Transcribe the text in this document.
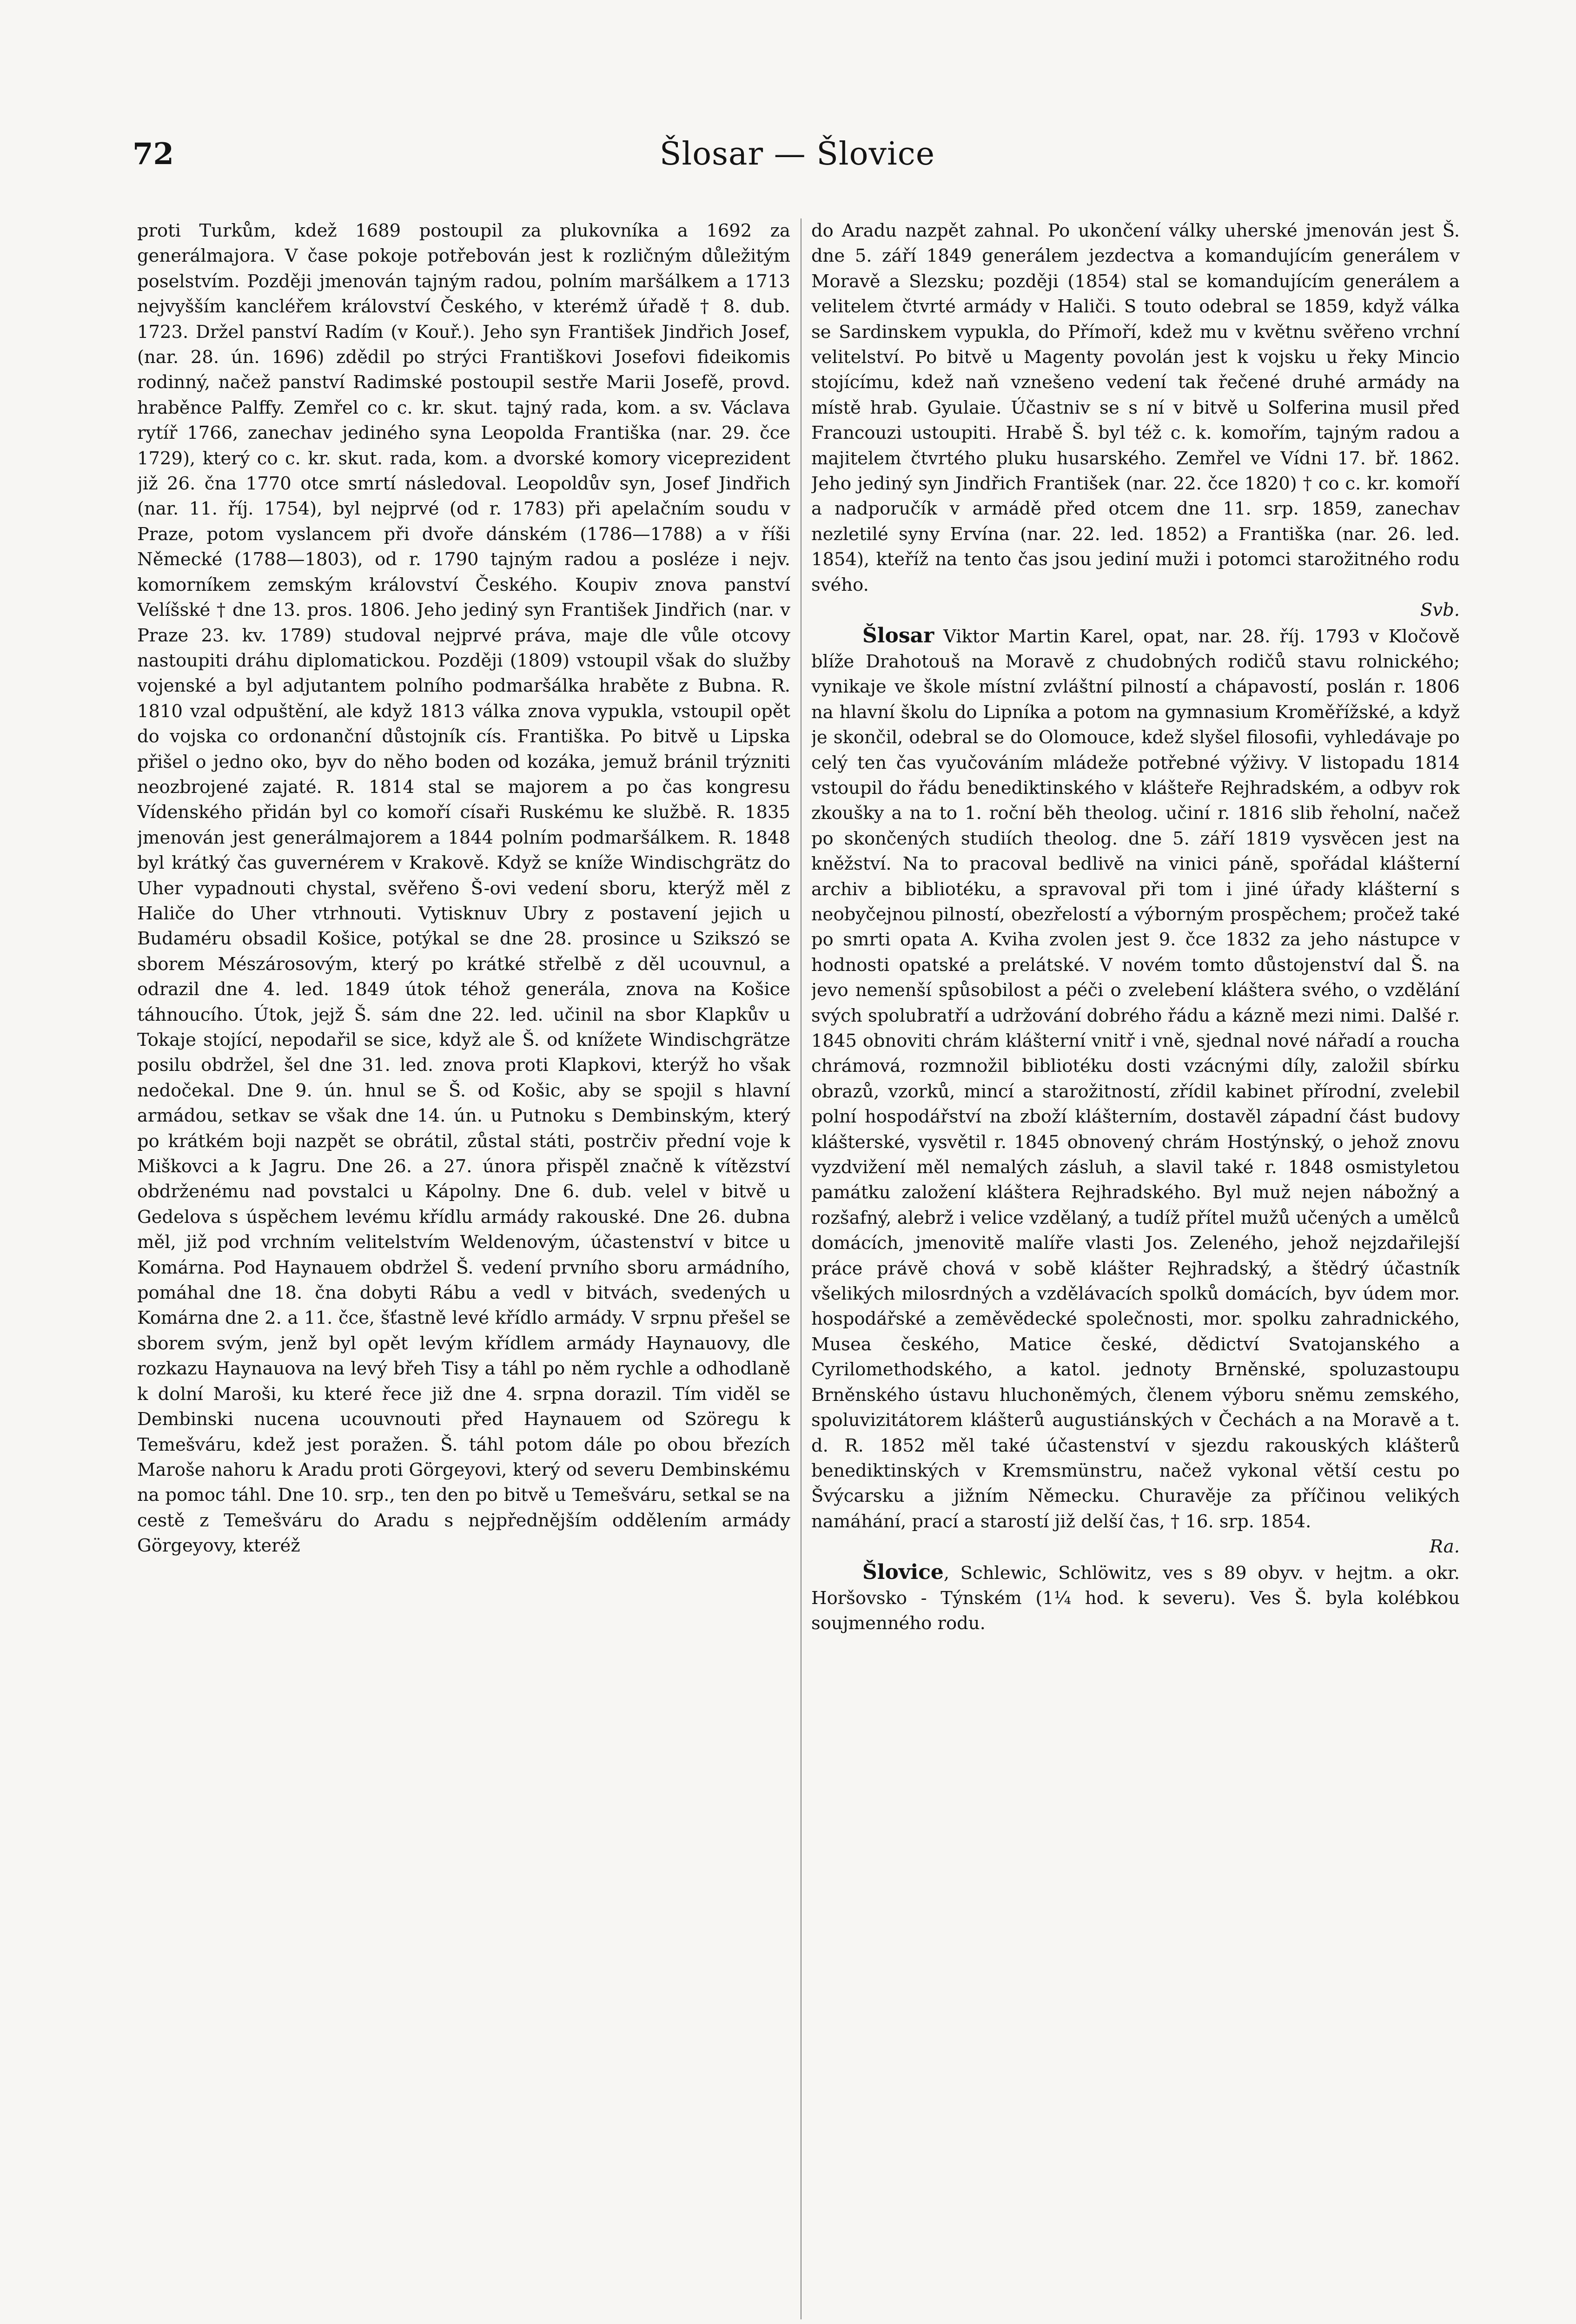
72	Šlosar — Šlovice

proti Turkům, kdež 1689 postoupil za plukovníka a 1692 za generálmajora. V čase pokoje potřebován jest k rozličným důležitým poselstvím. Později jmenován tajným radou, polním maršálkem a 1713 nejvyšším kancléřem království Českého, v kterémž úřadě † 8. dub. 1723. Držel panství Radím (v Kouř.). Jeho syn František Jindřich Josef, (nar. 28. ún. 1696) zdědil po strýci Františkovi Josefovi fideikomis rodinný, načež panství Radimské postoupil sestře Marii Josefě, provd. hraběnce Palffy. Zemřel co c. kr. skut. tajný rada, kom. a sv. Václava rytíř 1766, zanechav jediného syna Leopolda Františka (nar. 29. čce 1729), který co c. kr. skut. rada, kom. a dvorské komory viceprezident již 26. čna 1770 otce smrtí následoval. Leopoldův syn, Josef Jindřich (nar. 11. říj. 1754), byl nejprvé (od r. 1783) při apelačním soudu v Praze, potom vyslancem při dvoře dánském (1786—1788) a v říši Německé (1788—1803), od r. 1790 tajným radou a posléze i nejv. komorníkem zemským království Českého. Koupiv znova panství Velíšské † dne 13. pros. 1806. Jeho jediný syn František Jindřich (nar. v Praze 23. kv. 1789) studoval nejprvé práva, maje dle vůle otcovy nastoupiti dráhu diplomatickou. Později (1809) vstoupil však do služby vojenské a byl adjutantem polního podmaršálka hraběte z Bubna. R. 1810 vzal odpuštění, ale když 1813 válka znova vypukla, vstoupil opět do vojska co ordonanční důstojník cís. Františka. Po bitvě u Lipska přišel o jedno oko, byv do něho boden od kozáka, jemuž bránil trýzniti neozbrojené zajaté. R. 1814 stal se majorem a po čas kongresu Vídenského přidán byl co komoří císaři Ruskému ke službě. R. 1835 jmenován jest generálmajorem a 1844 polním podmaršálkem. R. 1848 byl krátký čas guvernérem v Krakově. Když se kníže Windischgrätz do Uher vypadnouti chystal, svěřeno Š-ovi vedení sboru, kterýž měl z Haliče do Uher vtrhnouti. Vytisknuv Ubry z postavení jejich u Budaméru obsadil Košice, potýkal se dne 28. prosince u Szikszó se sborem Mészárosovým, který po krátké střelbě z děl ucouvnul, a odrazil dne 4. led. 1849 útok téhož generála, znova na Košice táhnoucího. Útok, jejž Š. sám dne 22. led. učinil na sbor Klapkův u Tokaje stojící, nepodařil se sice, když ale Š. od knížete Windischgrätze posilu obdržel, šel dne 31. led. znova proti Klapkovi, kterýž ho však nedočekal. Dne 9. ún. hnul se Š. od Košic, aby se spojil s hlavní armádou, setkav se však dne 14. ún. u Putnoku s Dembinským, který po krátkém boji nazpět se obrátil, zůstal státi, postrčiv přední voje k Miškovci a k Jagru. Dne 26. a 27. února přispěl značně k vítězství obdrženému nad povstalci u Kápolny. Dne 6. dub. velel v bitvě u Gedelova s úspěchem levému křídlu armády rakouské. Dne 26. dubna měl, již pod vrchním velitelstvím Weldenovým, účastenství v bitce u Komárna. Pod Haynauem obdržel Š. vedení prvního sboru armádního, pomáhal dne 18. čna dobyti Rábu a vedl v bitvách, svedených u Komárna dne 2. a 11. čce, šťastně levé křídlo armády. V srpnu přešel se sborem svým, jenž byl opět levým křídlem armády Haynauovy, dle rozkazu Haynauova na levý břeh Tisy a táhl po něm rychle a odhodlaně k dolní Maroši, ku které řece již dne 4. srpna dorazil. Tím viděl se Dembinski nucena ucouvnouti před Haynauem od Szöregu k Temešváru, kdež jest poražen. Š. táhl potom dále po obou březích Maroše nahoru k Aradu proti Görgeyovi, který od severu Dembinskému na pomoc táhl. Dne 10. srp., ten den po bitvě u Temešváru, setkal se na cestě z Temešváru do Aradu s nejpřednějším oddělením armády Görgeyovy, kteréž

do Aradu nazpět zahnal. Po ukončení války uherské jmenován jest Š. dne 5. září 1849 generálem jezdectva a komandujícím generálem v Moravě a Slezsku; později (1854) stal se komandujícím generálem a velitelem čtvrté armády v Haliči. S touto odebral se 1859, když válka se Sardinskem vypukla, do Přímoří, kdež mu v květnu svěřeno vrchní velitelství. Po bitvě u Magenty povolán jest k vojsku u řeky Mincio stojícímu, kdež naň vznešeno vedení tak řečené druhé armády na místě hrab. Gyulaie. Účastniv se s ní v bitvě u Solferina musil před Francouzi ustoupiti. Hrabě Š. byl též c. k. komořím, tajným radou a majitelem čtvrtého pluku husarského. Zemřel ve Vídni 17. bř. 1862. Jeho jediný syn Jindřich František (nar. 22. čce 1820) † co c. kr. komoří a nadporučík v armádě před otcem dne 11. srp. 1859, zanechav nezletilé syny Ervína (nar. 22. led. 1852) a Františka (nar. 26. led. 1854), kteříž na tento čas jsou jediní muži i potomci starožitného rodu svého.

Svb.

Šlosar Viktor Martin Karel, opat, nar. 28. říj. 1793 v Kločově blíže Drahotouš na Moravě z chudobných rodičů stavu rolnického; vynikaje ve škole místní zvláštní pilností a chápavostí, poslán r. 1806 na hlavní školu do Lipníka a potom na gymnasium Kroměřížské, a když je skončil, odebral se do Olomouce, kdež slyšel filosofii, vyhledávaje po celý ten čas vyučováním mládeže potřebné výživy. V listopadu 1814 vstoupil do řádu benediktinského v klášteře Rejhradském, a odbyv rok zkoušky a na to 1. roční běh theolog. učiní r. 1816 slib řeholní, načež po skončených studiích theolog. dne 5. září 1819 vysvěcen jest na kněžství. Na to pracoval bedlivě na vinici páně, spořádal klášterní archiv a bibliotéku, a spravoval při tom i jiné úřady klášterní s neobyčejnou pilností, obezřelostí a výborným prospěchem; pročež také po smrti opata A. Kviha zvolen jest 9. čce 1832 za jeho nástupce v hodnosti opatské a prelátské. V novém tomto důstojenství dal Š. na jevo nemenší spůsobilost a péči o zvelebení kláštera svého, o vzdělání svých spolubratří a udržování dobrého řádu a kázně mezi nimi. Dalšé r. 1845 obnoviti chrám klášterní vnitř i vně, sjednal nové nářadí a roucha chrámová, rozmnožil bibliotéku dosti vzácnými díly, založil sbírku obrazů, vzorků, mincí a starožitností, zřídil kabinet přírodní, zvelebil polní hospodářství na zboží klášterním, dostavěl západní část budovy klášterské, vysvětil r. 1845 obnovený chrám Hostýnský, o jehož znovu vyzdvižení měl nemalých zásluh, a slavil také r. 1848 osmistyletou památku založení kláštera Rejhradského. Byl muž nejen nábožný a rozšafný, alebrž i velice vzdělaný, a tudíž přítel mužů učených a umělců domácích, jmenovitě malíře vlasti Jos. Zeleného, jehož nejzdařilejší práce právě chová v sobě klášter Rejhradský, a štědrý účastník všelikých milosrdných a vzdělávacích spolků domácích, byv údem mor. hospodářské a zeměvědecké společnosti, mor. spolku zahradnického, Musea českého, Matice české, dědictví Svatojanského a Cyrilomethodského, a katol. jednoty Brněnské, spoluzastoupu Brněnského ústavu hluchoněmých, členem výboru sněmu zemského, spoluvizitátorem klášterů augustiánských v Čechách a na Moravě a t. d. R. 1852 měl také účastenství v sjezdu rakouských klášterů benediktinských v Kremsmünstru, načež vykonal větší cestu po Švýcarsku a jižním Německu. Churavěje za příčinou velikých namáhání, prací a starostí již delší čas, † 16. srp. 1854.

Ra.

Šlovice, Schlewic, Schlöwitz, ves s 89 obyv. v hejtm. a okr. Horšovsko - Týnském (1¼ hod. k severu). Ves Š. byla kolébkou soujmenného rodu.
